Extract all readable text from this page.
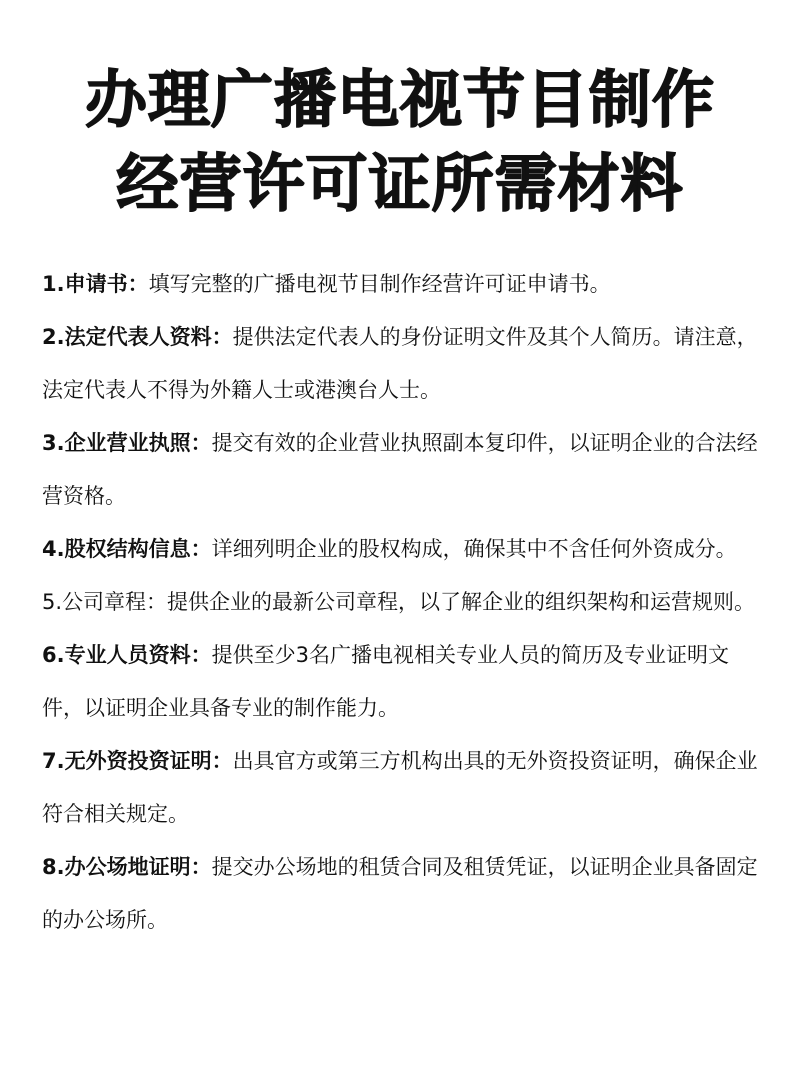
办理广播电视节目制作
经营许可证所需材料
1.申请书：填写完整的广播电视节目制作经营许可证申请书。
2.法定代表人资料：提供法定代表人的身份证明文件及其个人简历。请注意，法定代表人不得为外籍人士或港澳台人士。
3.企业营业执照：提交有效的企业营业执照副本复印件，以证明企业的合法经营资格。
4.股权结构信息：详细列明企业的股权构成，确保其中不含任何外资成分。
5.公司章程：提供企业的最新公司章程，以了解企业的组织架构和运营规则。
6.专业人员资料：提供至少3名广播电视相关专业人员的简历及专业证明文件，以证明企业具备专业的制作能力。
7.无外资投资证明：出具官方或第三方机构出具的无外资投资证明，确保企业符合相关规定。
8.办公场地证明：提交办公场地的租赁合同及租赁凭证，以证明企业具备固定的办公场所。
